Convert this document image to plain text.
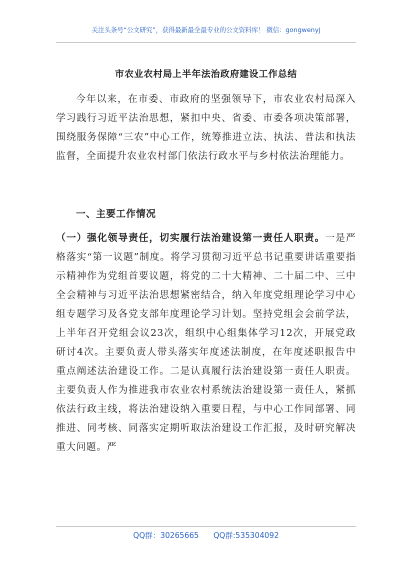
关注头条号“公文研究”，获得最新最全最专业的公文资料库！ 微信：gongwenyj
市农业农村局上半年法治政府建设工作总结
今年以来，在市委、市政府的坚强领导下，市农业农村局深入学习践行习近平法治思想，紧扣中央、省委、市委各项决策部署，围绕服务保障“三农”中心工作，统筹推进立法、执法、普法和执法监督，全面提升农业农村部门依法行政水平与乡村依法治理能力。
一、主要工作情况
（一）强化领导责任，切实履行法治建设第一责任人职责。一是严格落实“第一议题”制度。将学习贯彻习近平总书记重要讲话重要指示精神作为党组首要议题，将党的二十大精神、二十届二中、三中全会精神与习近平法治思想紧密结合，纳入年度党组理论学习中心组专题学习及各党支部年度理论学习计划。坚持党组会会前学法，上半年召开党组会议23次，组织中心组集体学习12次，开展党政研讨4次。主要负责人带头落实年度述法制度，在年度述职报告中重点阐述法治建设工作。二是认真履行法治建设第一责任人职责。主要负责人作为推进我市农业农村系统法治建设第一责任人，紧抓依法行政主线，将法治建设纳入重要日程，与中心工作同部署、同推进、同考核、同落实定期听取法治建设工作汇报，及时研究解决重大问题。严
QQ群：30265665 QQ群:535304092
